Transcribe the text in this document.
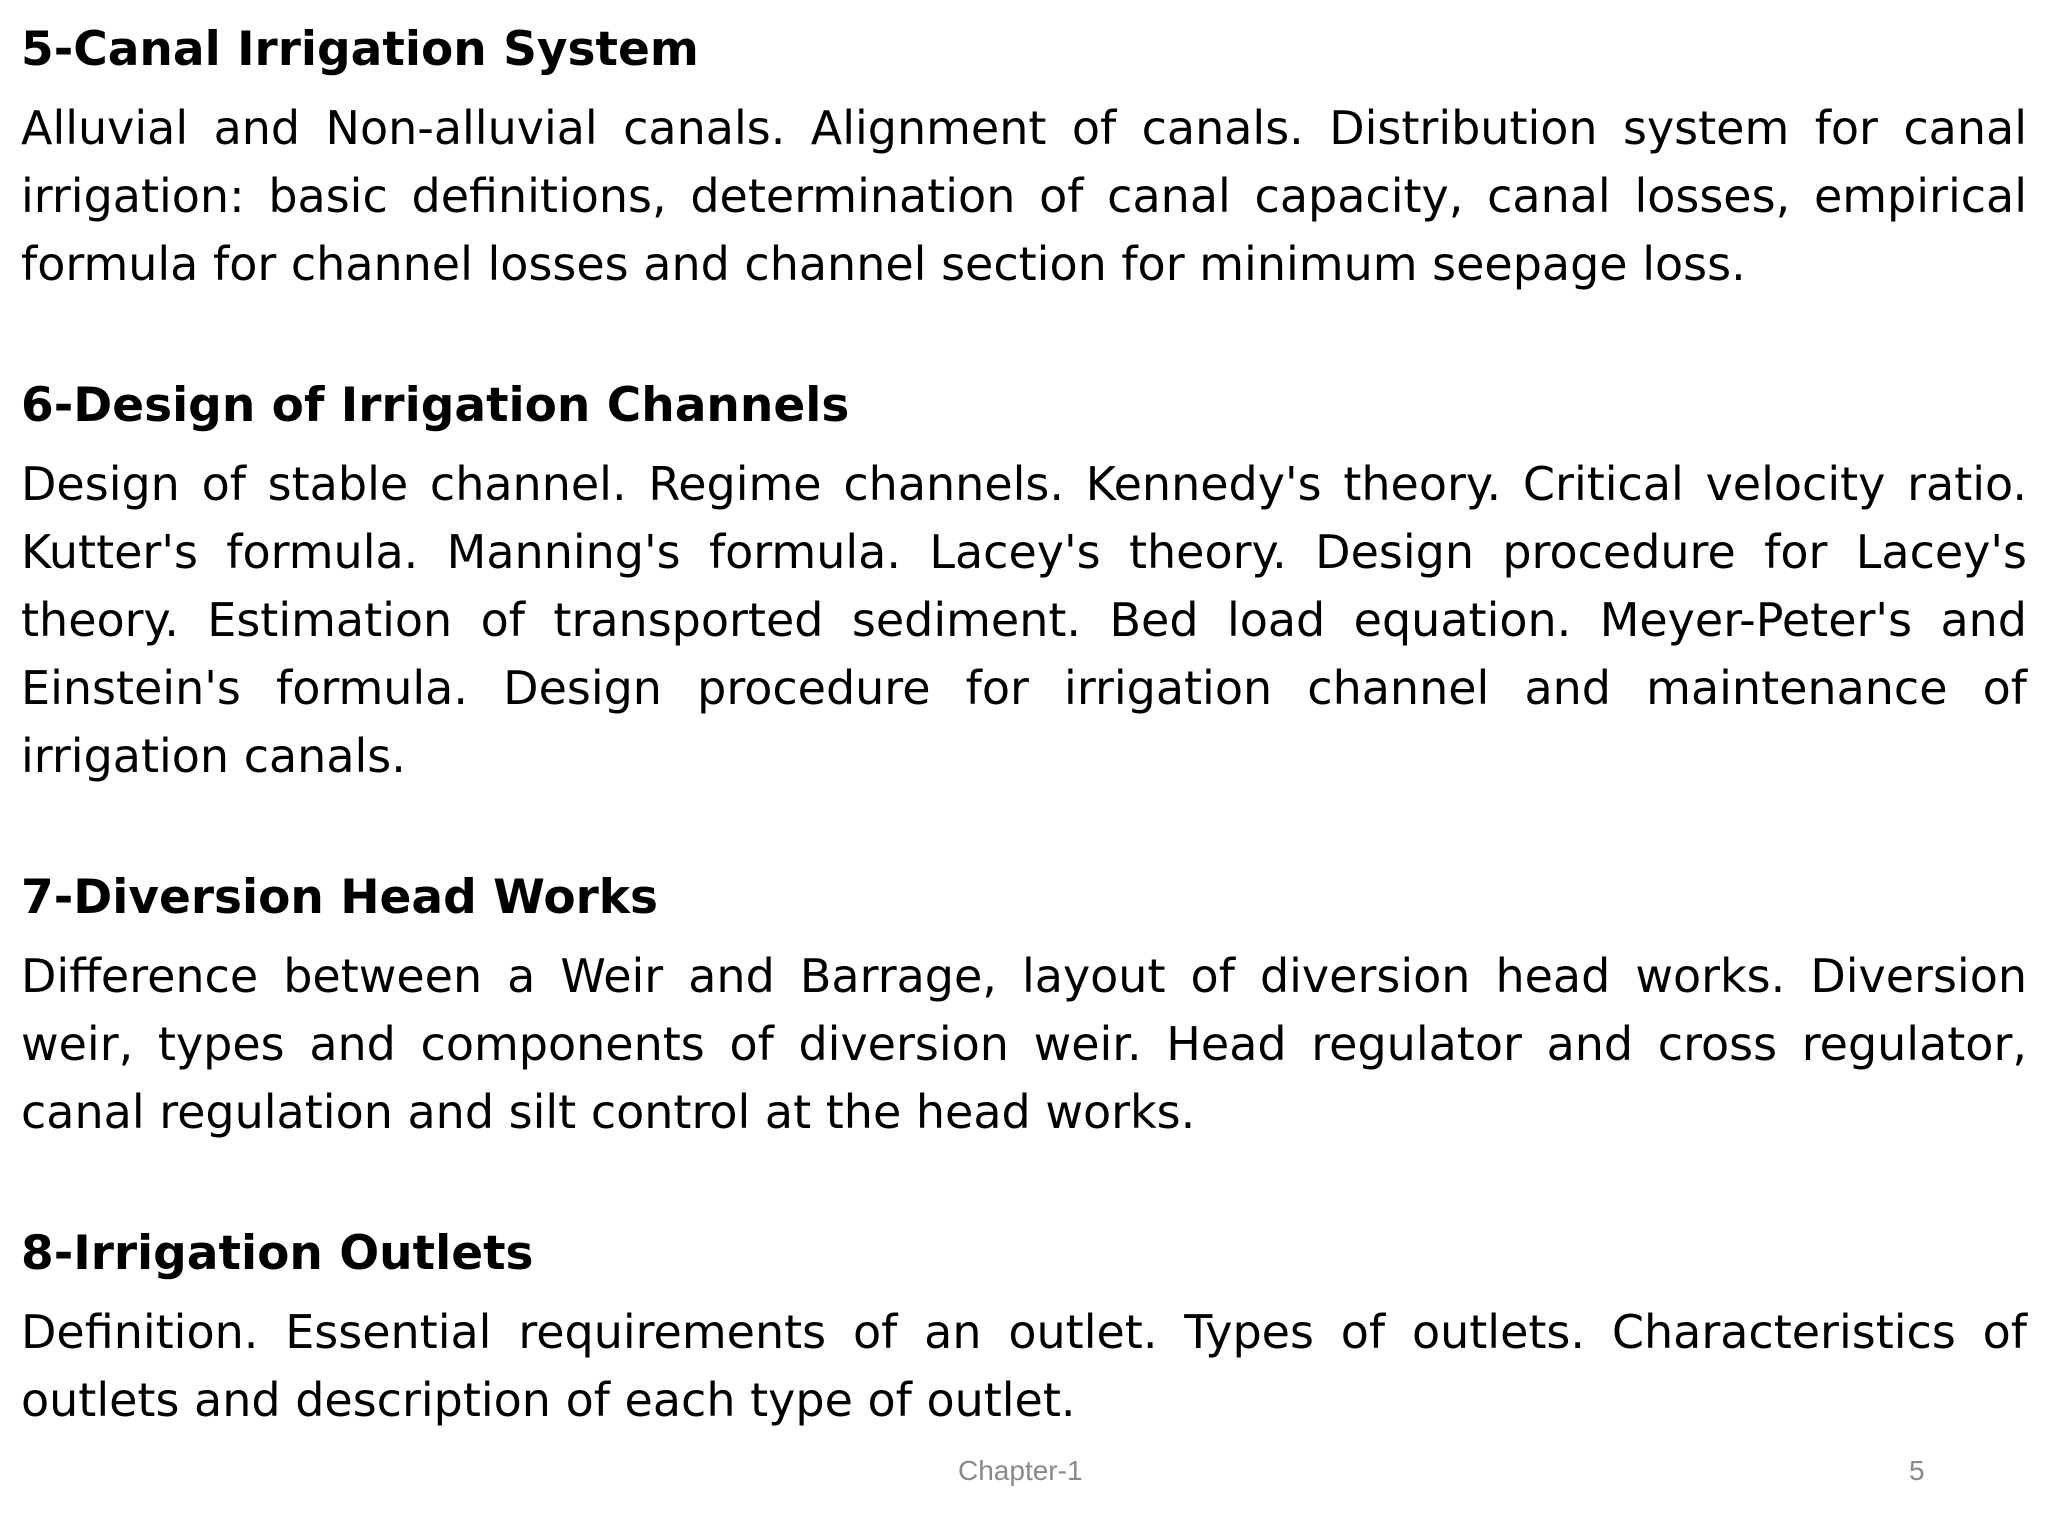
5-Canal Irrigation System

Alluvial and Non-alluvial canals. Alignment of canals. Distribution system for canal irrigation: basic definitions, determination of canal capacity, canal losses, empirical formula for channel losses and channel section for minimum seepage loss.

6-Design of Irrigation Channels

Design of stable channel. Regime channels. Kennedy's theory. Critical velocity ratio. Kutter's formula. Manning's formula. Lacey's theory. Design procedure for Lacey's theory. Estimation of transported sediment. Bed load equation. Meyer-Peter's and Einstein's formula. Design procedure for irrigation channel and maintenance of irrigation canals.

7-Diversion Head Works

Difference between a Weir and Barrage, layout of diversion head works. Diversion weir, types and components of diversion weir. Head regulator and cross regulator, canal regulation and silt control at the head works.

8-Irrigation Outlets

Definition. Essential requirements of an outlet. Types of outlets. Characteristics of outlets and description of each type of outlet.

Chapter-1	5
